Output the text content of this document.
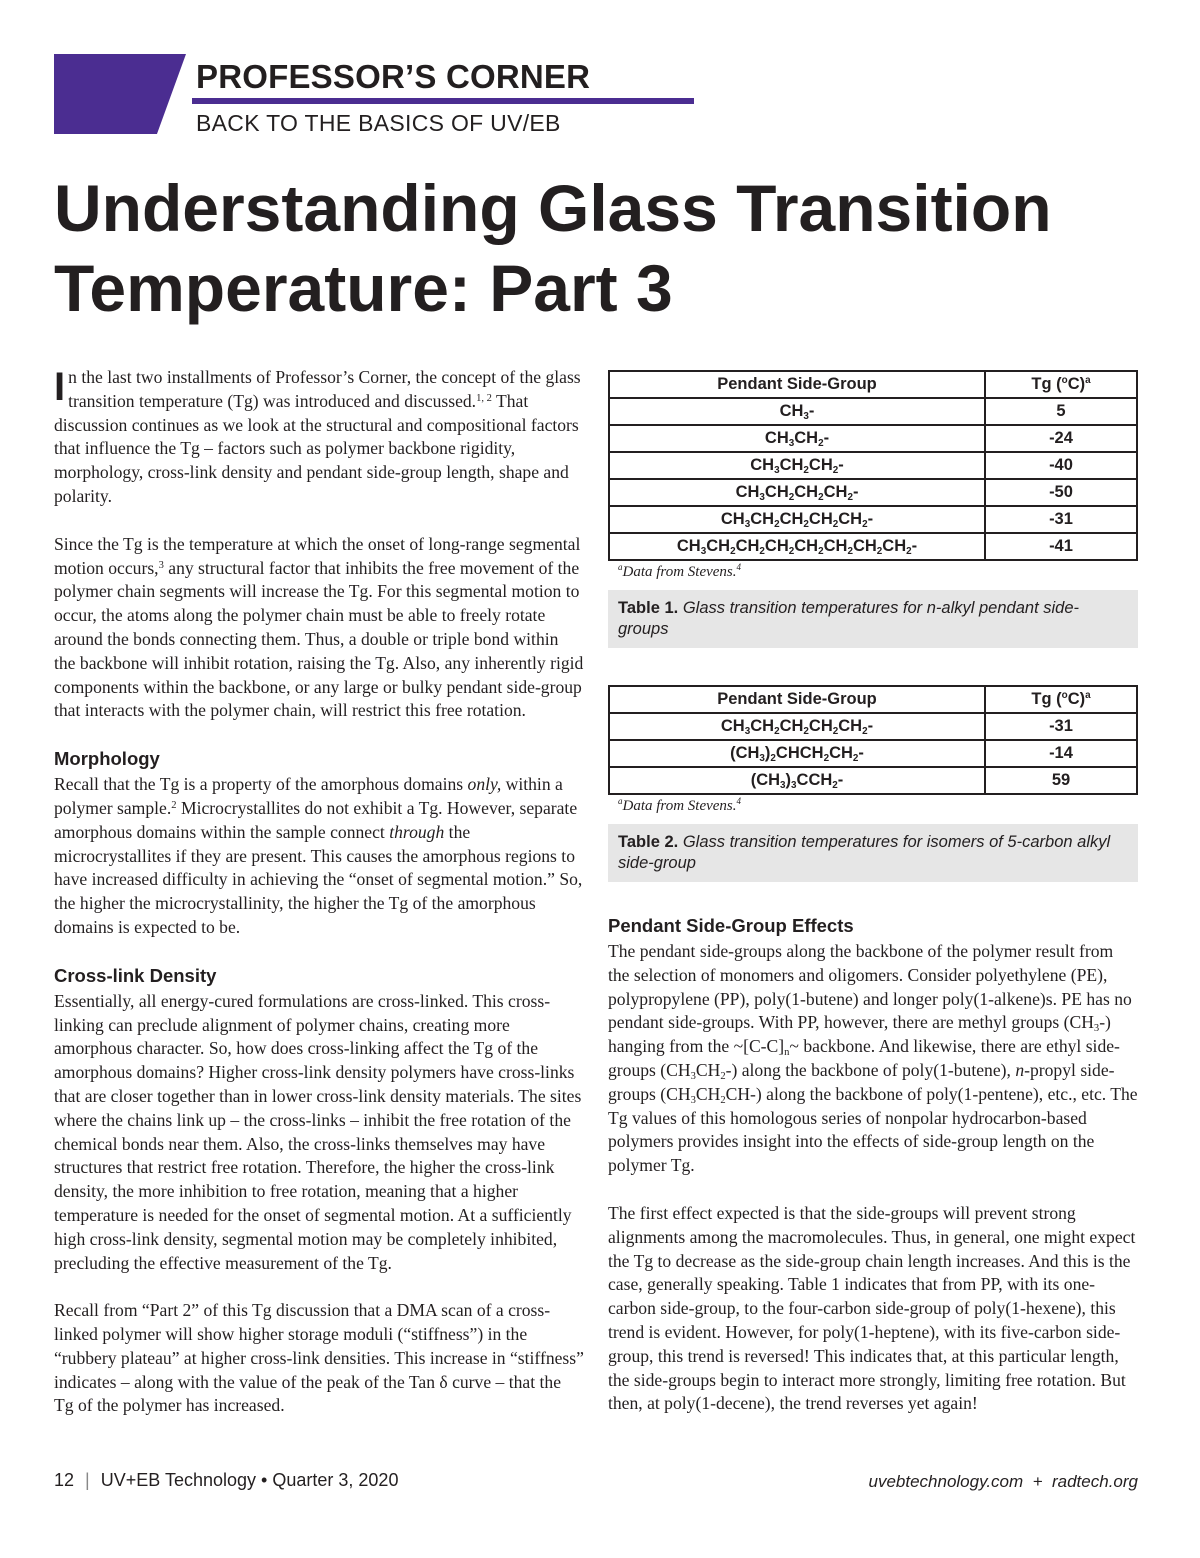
PROFESSOR’S CORNER
BACK TO THE BASICS OF UV/EB
Understanding Glass Transition Temperature: Part 3

In the last two installments of Professor’s Corner, the concept of the glass transition temperature (Tg) was introduced and discussed.$^{1, 2}$ That discussion continues as we look at the structural and compositional factors that influence the Tg – factors such as polymer backbone rigidity, morphology, cross-link density and pendant side-group length, shape and polarity.

Since the Tg is the temperature at which the onset of long-range segmental motion occurs,$^3$ any structural factor that inhibits the free movement of the polymer chain segments will increase the Tg. For this segmental motion to occur, the atoms along the polymer chain must be able to freely rotate around the bonds connecting them. Thus, a double or triple bond within the backbone will inhibit rotation, raising the Tg. Also, any inherently rigid components within the backbone, or any large or bulky pendant side-group that interacts with the polymer chain, will restrict this free rotation.

Morphology

Recall that the Tg is a property of the amorphous domains only, within a polymer sample.$^2$ Microcrystallites do not exhibit a Tg. However, separate amorphous domains within the sample connect through the microcrystallites if they are present. This causes the amorphous regions to have increased difficulty in achieving the “onset of segmental motion.” So, the higher the microcrystallinity, the higher the Tg of the amorphous domains is expected to be.

Cross-link Density

Essentially, all energy-cured formulations are cross-linked. This cross-linking can preclude alignment of polymer chains, creating more amorphous character. So, how does cross-linking affect the Tg of the amorphous domains? Higher cross-link density polymers have cross-links that are closer together than in lower cross-link density materials. The sites where the chains link up – the cross-links – inhibit the free rotation of the chemical bonds near them. Also, the cross-links themselves may have structures that restrict free rotation. Therefore, the higher the cross-link density, the more inhibition to free rotation, meaning that a higher temperature is needed for the onset of segmental motion. At a sufficiently high cross-link density, segmental motion may be completely inhibited, precluding the effective measurement of the Tg.

Recall from “Part 2” of this Tg discussion that a DMA scan of a cross-linked polymer will show higher storage moduli (“stiffness”) in the “rubbery plateau” at higher cross-link densities. This increase in “stiffness” indicates – along with the value of the peak of the Tan δ curve – that the Tg of the polymer has increased.

Pendant Side-Group	Tg $(^oC)^a$
$CH_3-$	5
$CH_3CH_2-$	-24
$CH_3CH_2CH_2-$	-40
$CH_3CH_2CH_2CH_2-$	-50
$CH_3CH_2CH_2CH_2CH_2-$	-31
$CH_3CH_2CH_2CH_2CH_2CH_2CH_2CH_2-$	-41
$^a$Data from Stevens.$^4$
Table 1. Glass transition temperatures for n-alkyl pendant side-groups
Pendant Side-Group	Tg $(^oC)^a$
$CH_3CH_2CH_2CH_2CH_2-$	-31
$(CH_3)_2CHCH_2CH_2-$	-14
$(CH_3)_3CCH_2-$	59
$^a$Data from Stevens.$^4$
Table 2. Glass transition temperatures for isomers of 5-carbon alkyl side-group
Pendant Side-Group Effects

The pendant side-groups along the backbone of the polymer result from the selection of monomers and oligomers. Consider polyethylene (PE), polypropylene (PP), poly(1-butene) and longer poly(1-alkene)s. PE has no pendant side-groups. With PP, however, there are methyl groups $(CH_3-)$ hanging from the $\sim[C-C]_n\sim$ backbone. And likewise, there are ethyl side-groups $(CH_3CH_2-)$ along the backbone of poly(1-butene), n-propyl side-groups $(CH_3CH_2CH-)$ along the backbone of poly(1-pentene), etc., etc. The Tg values of this homologous series of nonpolar hydrocarbon-based polymers provides insight into the effects of side-group length on the polymer Tg.

The first effect expected is that the side-groups will prevent strong alignments among the macromolecules. Thus, in general, one might expect the Tg to decrease as the side-group chain length increases. And this is the case, generally speaking. Table 1 indicates that from PP, with its one-carbon side-group, to the four-carbon side-group of poly(1-hexene), this trend is evident. However, for poly(1-heptene), with its five-carbon side-group, this trend is reversed! This indicates that, at this particular length, the side-groups begin to interact more strongly, limiting free rotation. But then, at poly(1-decene), the trend reverses yet again!

12 | UV+EB Technology • Quarter 3, 2020	uvebtechnology.com  +  radtech.org
